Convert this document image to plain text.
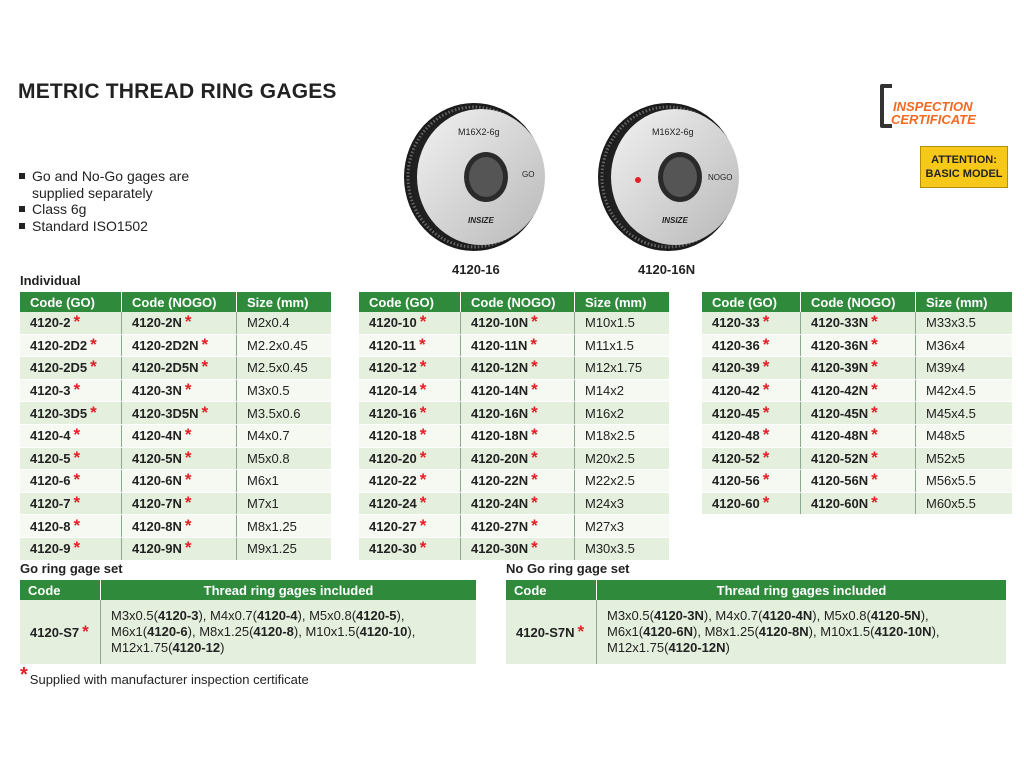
METRIC THREAD RING GAGES
Go and No-Go gages are supplied separately
Class 6g
Standard ISO1502
M16X2-6g
GO
INSIZE
M16X2-6g
NOGO
INSIZE
4120-16	4120-16N
INSPECTION
CERTIFICATE
ATTENTION:
BASIC MODEL
Individual
Code (GO)	Code (NOGO)	Size (mm)
4120-2 *	4120-2N *	M2x0.4
4120-2D2 *	4120-2D2N *	M2.2x0.45
4120-2D5 *	4120-2D5N *	M2.5x0.45
4120-3 *	4120-3N *	M3x0.5
4120-3D5 *	4120-3D5N *	M3.5x0.6
4120-4 *	4120-4N *	M4x0.7
4120-5 *	4120-5N *	M5x0.8
4120-6 *	4120-6N *	M6x1
4120-7 *	4120-7N *	M7x1
4120-8 *	4120-8N *	M8x1.25
4120-9 *	4120-9N *	M9x1.25
Code (GO)	Code (NOGO)	Size (mm)
4120-10 *	4120-10N *	M10x1.5
4120-11 *	4120-11N *	M11x1.5
4120-12 *	4120-12N *	M12x1.75
4120-14 *	4120-14N *	M14x2
4120-16 *	4120-16N *	M16x2
4120-18 *	4120-18N *	M18x2.5
4120-20 *	4120-20N *	M20x2.5
4120-22 *	4120-22N *	M22x2.5
4120-24 *	4120-24N *	M24x3
4120-27 *	4120-27N *	M27x3
4120-30 *	4120-30N *	M30x3.5
Code (GO)	Code (NOGO)	Size (mm)
4120-33 *	4120-33N *	M33x3.5
4120-36 *	4120-36N *	M36x4
4120-39 *	4120-39N *	M39x4
4120-42 *	4120-42N *	M42x4.5
4120-45 *	4120-45N *	M45x4.5
4120-48 *	4120-48N *	M48x5
4120-52 *	4120-52N *	M52x5
4120-56 *	4120-56N *	M56x5.5
4120-60 *	4120-60N *	M60x5.5
Go ring gage set
Code	Thread ring gages included
4120-S7 *	M3x0.5(4120-3), M4x0.7(4120-4), M5x0.8(4120-5),
M6x1(4120-6), M8x1.25(4120-8), M10x1.5(4120-10),
M12x1.75(4120-12)
No Go ring gage set
Code	Thread ring gages included
4120-S7N *	M3x0.5(4120-3N), M4x0.7(4120-4N), M5x0.8(4120-5N),
M6x1(4120-6N), M8x1.25(4120-8N), M10x1.5(4120-10N),
M12x1.75(4120-12N)
* Supplied with manufacturer inspection certificate
